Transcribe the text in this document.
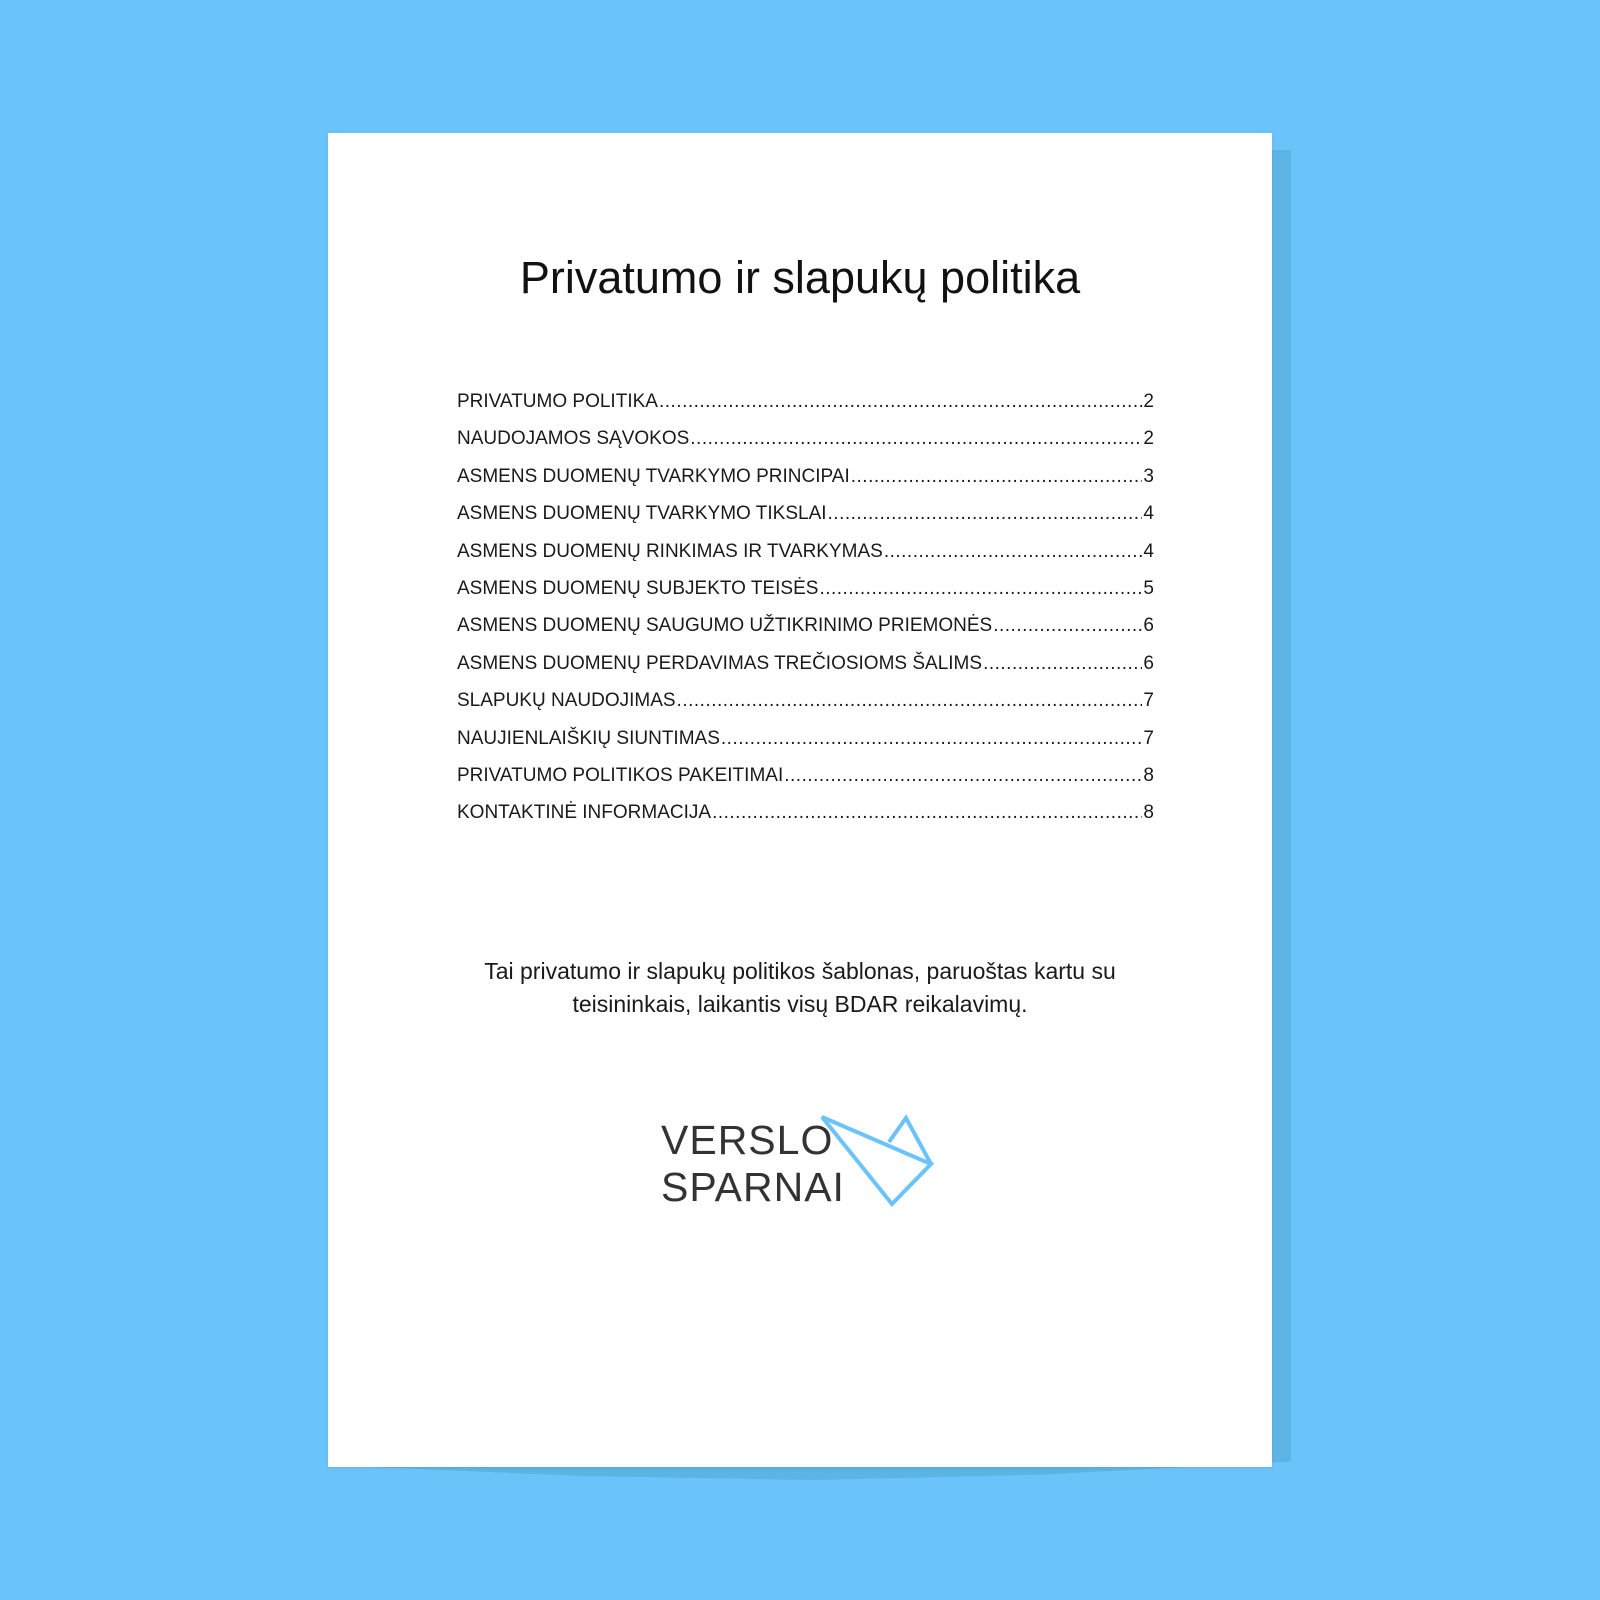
Privatumo ir slapukų politika
PRIVATUMO POLITIKA .....	2
NAUDOJAMOS SĄVOKOS .....	2
ASMENS DUOMENŲ TVARKYMO PRINCIPAI .....	3
ASMENS DUOMENŲ TVARKYMO TIKSLAI .....	4
ASMENS DUOMENŲ RINKIMAS IR TVARKYMAS .....	4
ASMENS DUOMENŲ SUBJEKTO TEISĖS .....	5
ASMENS DUOMENŲ SAUGUMO UŽTIKRINIMO PRIEMONĖS .....	6
ASMENS DUOMENŲ PERDAVIMAS TREČIOSIOMS ŠALIMS .....	6
SLAPUKŲ NAUDOJIMAS .....	7
NAUJIENLAIŠKIŲ SIUNTIMAS .....	7
PRIVATUMO POLITIKOS PAKEITIMAI .....	8
KONTAKTINĖ INFORMACIJA .....	8

Tai privatumo ir slapukų politikos šablonas, paruoštas kartu su

teisininkais, laikantis visų BDAR reikalavimų.

VERSLO
SPARNAI
